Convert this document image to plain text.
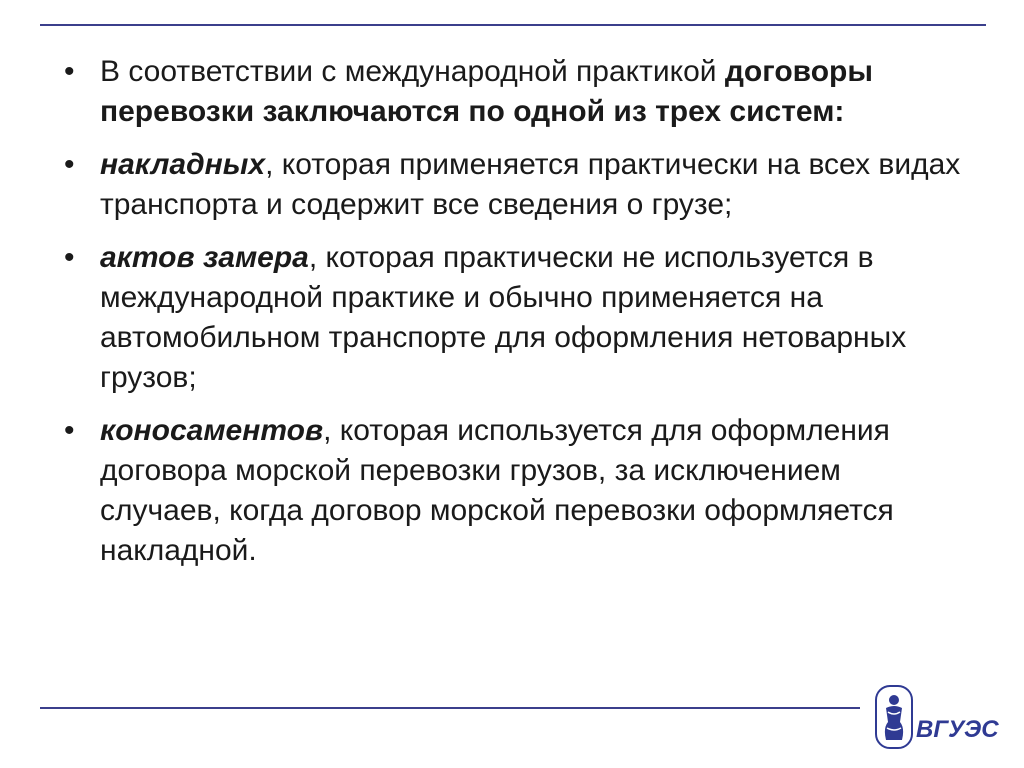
• В соответствии с международной практикой договоры перевозки заключаются по одной из трех систем:
• накладных, которая применяется практически на всех видах транспорта и содержит все сведения о грузе;
• актов замера, которая практически не используется в международной практике и обычно применяется на автомобильном транспорте для оформления нетоварных грузов;
• коносаментов, которая используется для оформления договора морской перевозки грузов, за исключением случаев, когда договор морской перевозки оформляется накладной.
ВГУЭС
